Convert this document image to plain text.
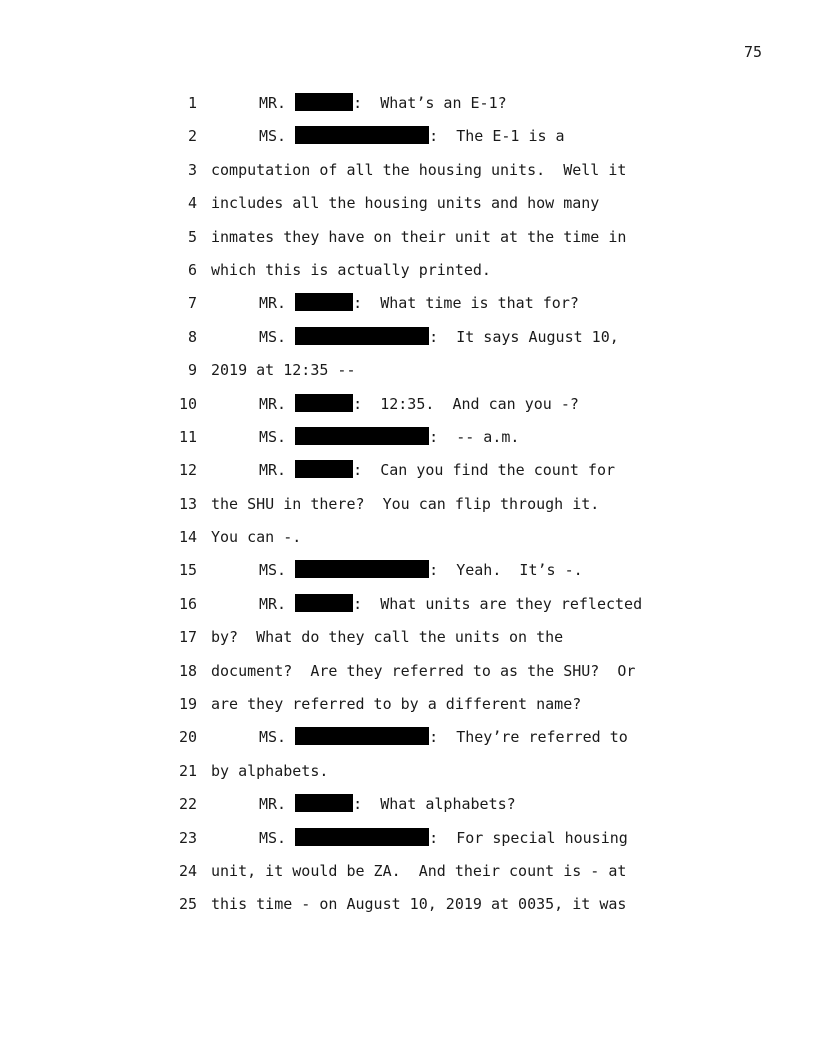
75
1	MR.	:  What’s an E-1?
2	MS.	:  The E-1 is a
3 computation of all the housing units.  Well it
4 includes all the housing units and how many
5 inmates they have on their unit at the time in
6 which this is actually printed.
7	MR.	:  What time is that for?
8	MS.	:  It says August 10,
9 2019 at 12:35 --
10	MR.	:  12:35.  And can you -?
11	MS.	:  -- a.m.
12	MR.	:  Can you find the count for
13 the SHU in there?  You can flip through it.
14 You can -.
15	MS.	:  Yeah.  It’s -.
16	MR.	:  What units are they reflected
17 by?  What do they call the units on the
18 document?  Are they referred to as the SHU?  Or
19 are they referred to by a different name?
20	MS.	:  They’re referred to
21 by alphabets.
22	MR.	:  What alphabets?
23	MS.	:  For special housing
24 unit, it would be ZA.  And their count is - at
25 this time - on August 10, 2019 at 0035, it was
